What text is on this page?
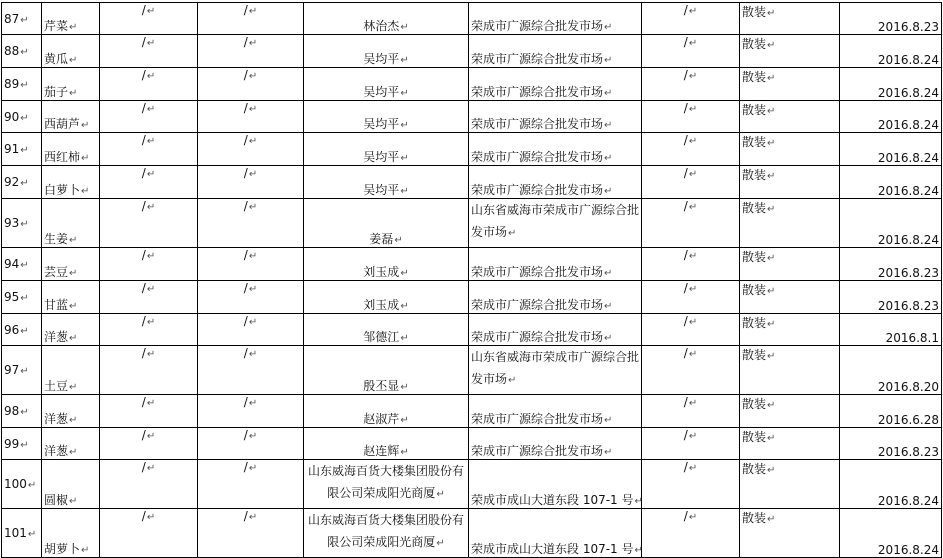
87↵	芹菜↵	/↵	/↵	林治杰↵	荣成市广源综合批发市场↵	/↵	散装↵	2016.8.23
88↵	黄瓜↵	/↵	/↵	吴均平↵	荣成市广源综合批发市场↵	/↵	散装↵	2016.8.24
89↵	茄子↵	/↵	/↵	吴均平↵	荣成市广源综合批发市场↵	/↵	散装↵	2016.8.24
90↵	西葫芦↵	/↵	/↵	吴均平↵	荣成市广源综合批发市场↵	/↵	散装↵	2016.8.24
91↵	西红柿↵	/↵	/↵	吴均平↵	荣成市广源综合批发市场↵	/↵	散装↵	2016.8.24
92↵	白萝卜↵	/↵	/↵	吴均平↵	荣成市广源综合批发市场↵	/↵	散装↵	2016.8.24
93↵	生姜↵	/↵	/↵	姜磊↵	山东省威海市荣成市广源综合批发市场↵	/↵	散装↵	2016.8.24
94↵	芸豆↵	/↵	/↵	刘玉成↵	荣成市广源综合批发市场↵	/↵	散装↵	2016.8.23
95↵	甘蓝↵	/↵	/↵	刘玉成↵	荣成市广源综合批发市场↵	/↵	散装↵	2016.8.23
96↵	洋葱↵	/↵	/↵	邹德江↵	荣成市广源综合批发市场↵	/↵	散装↵	2016.8.1
97↵	土豆↵	/↵	/↵	殷丕显↵	山东省威海市荣成市广源综合批发市场↵	/↵	散装↵	2016.8.20
98↵	洋葱↵	/↵	/↵	赵淑芹↵	荣成市广源综合批发市场↵	/↵	散装↵	2016.6.28
99↵	洋葱↵	/↵	/↵	赵连辉↵	荣成市广源综合批发市场↵	/↵	散装↵	2016.8.23
100↵	圆椒↵	/↵	/↵	山东威海百货大楼集团股份有限公司荣成阳光商厦↵	荣成市成山大道东段 107-1 号↵	/↵	散装↵	2016.8.24
101↵	胡萝卜↵	/↵	/↵	山东威海百货大楼集团股份有限公司荣成阳光商厦↵	荣成市成山大道东段 107-1 号↵	/↵	散装↵	2016.8.24
